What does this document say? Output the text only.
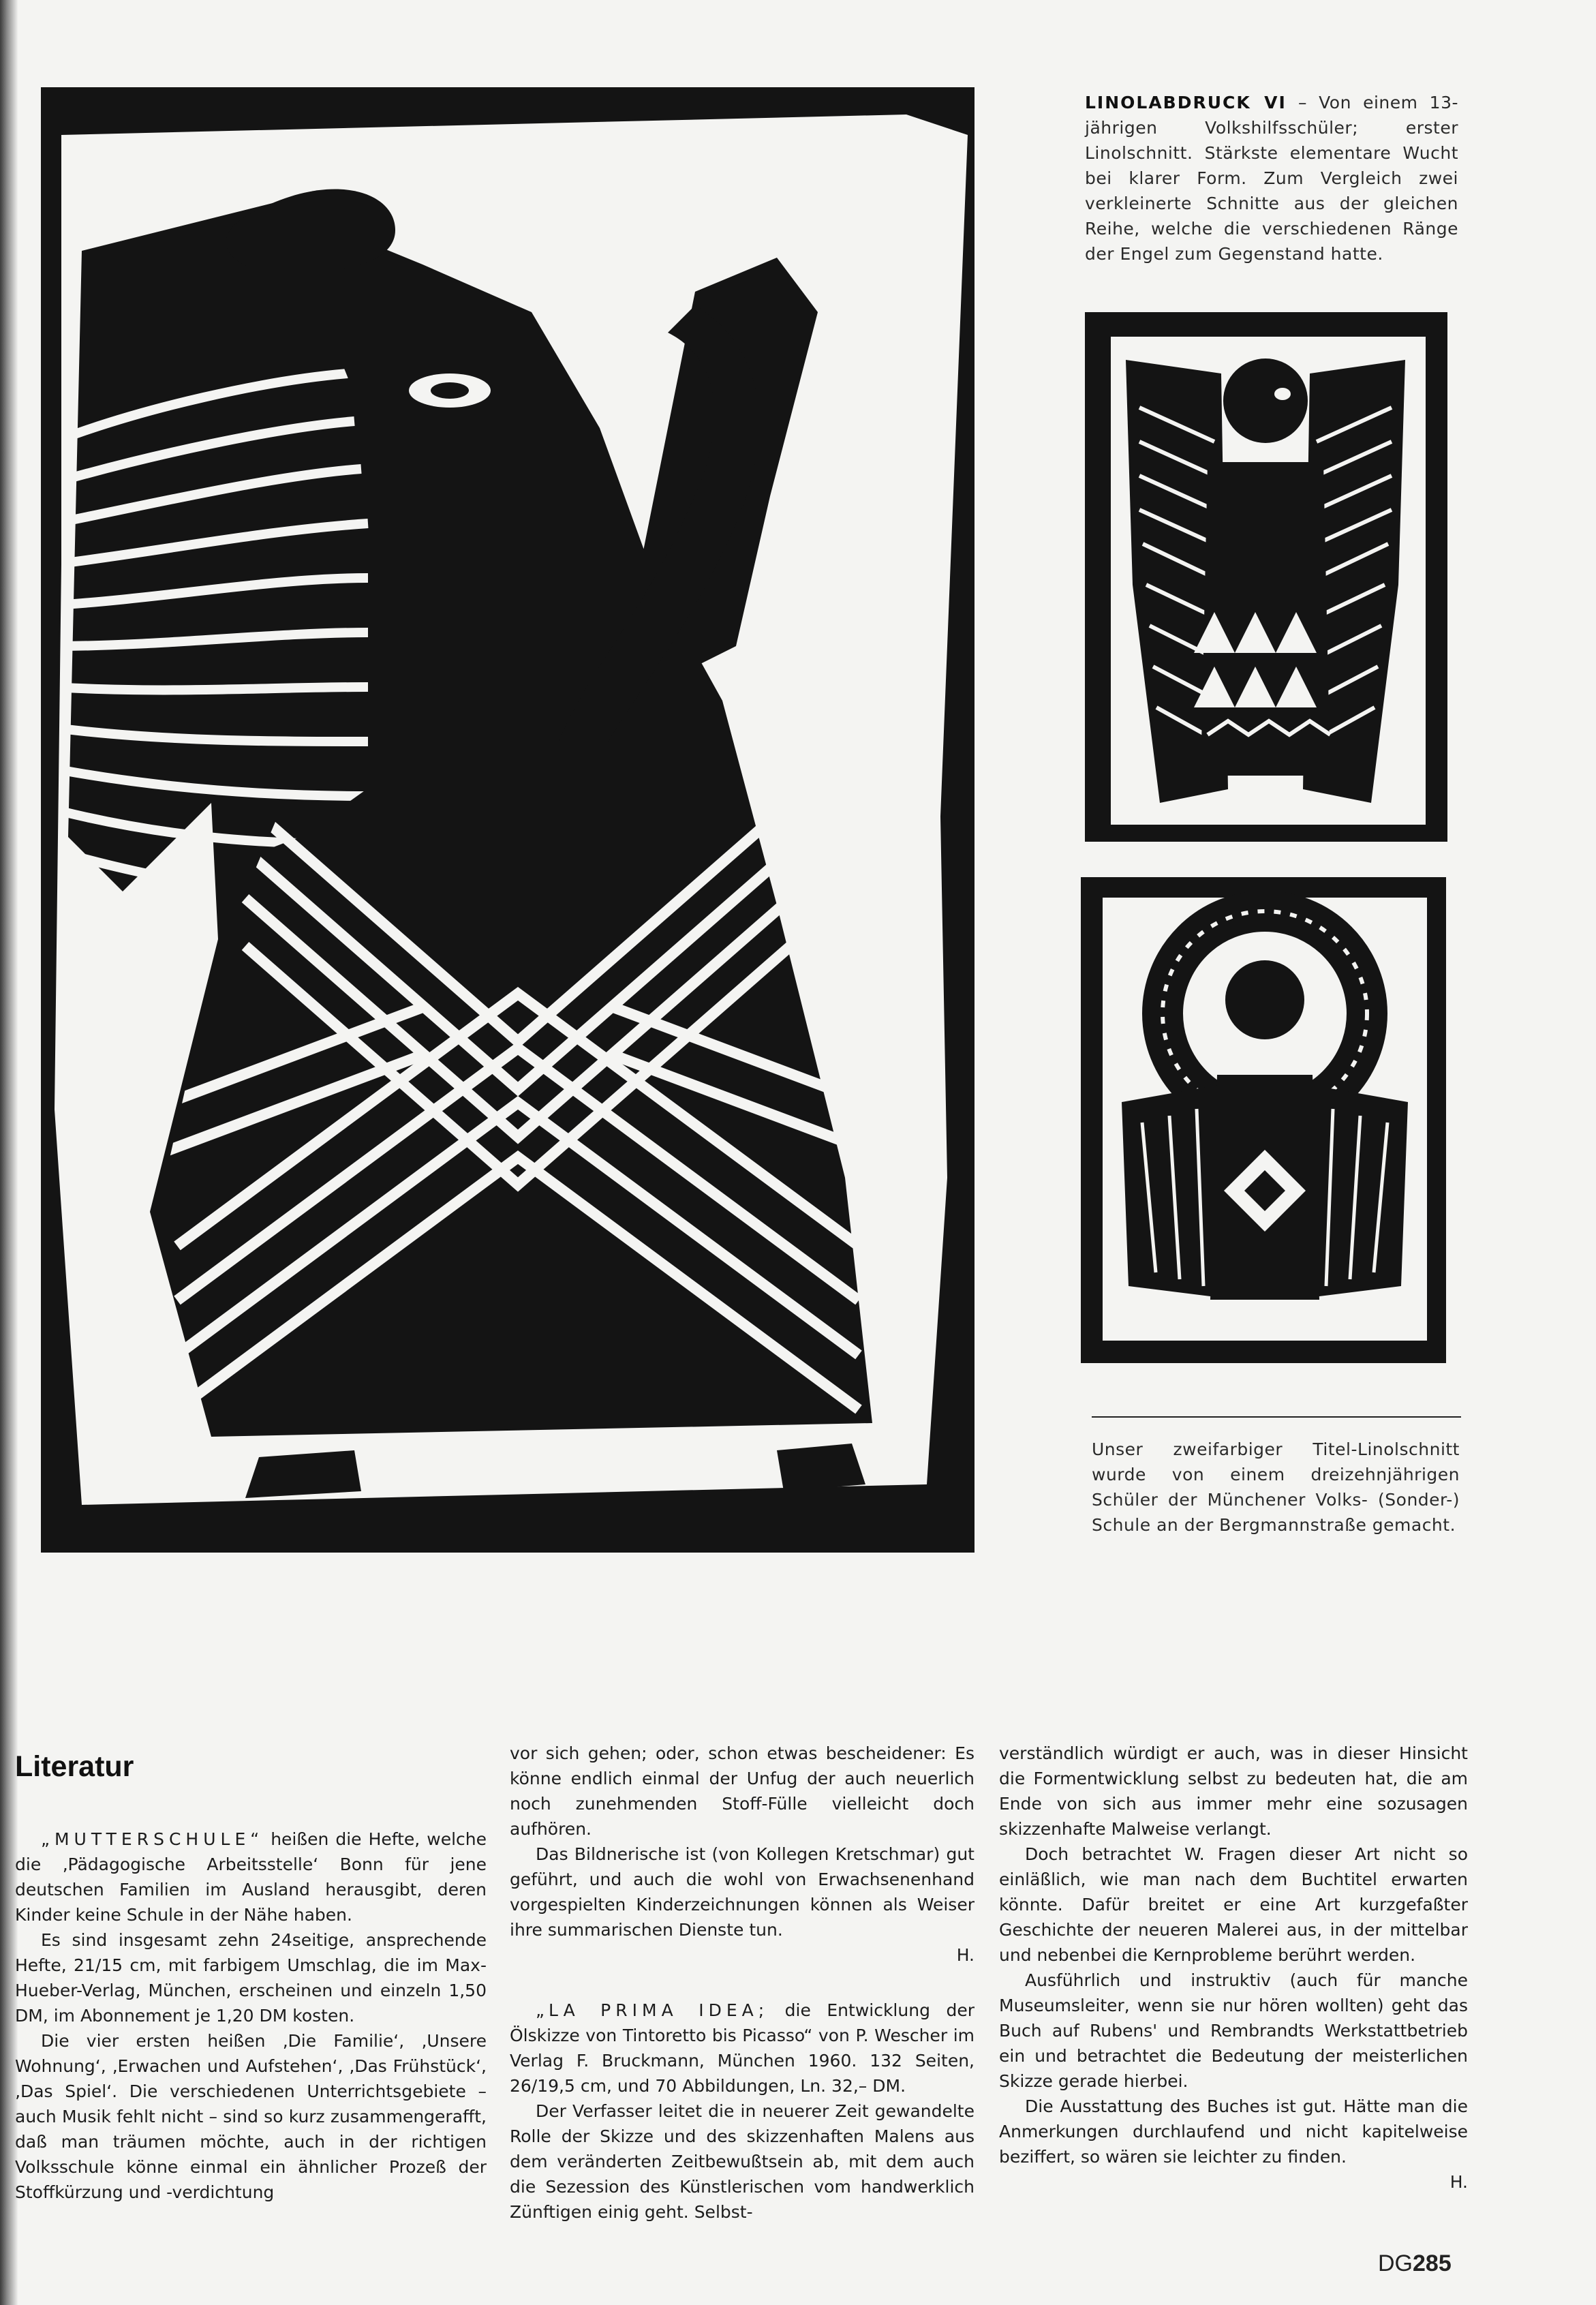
LINOLABDRUCK VI – Von einem 13-jährigen Volkshilfsschüler; erster Linolschnitt. Stärkste elementare Wucht bei klarer Form. Zum Vergleich zwei verkleinerte Schnitte aus der gleichen Reihe, welche die verschiedenen Ränge der Engel zum Gegenstand hatte.
Unser zweifarbiger Titel-Linolschnitt wurde von einem dreizehnjährigen Schüler der Münchener Volks- (Sonder-) Schule an der Bergmannstraße gemacht.
Literatur

„MUTTERSCHULE“ heißen die Hefte, welche die ‚Pädagogische Arbeitsstelle‘ Bonn für jene deutschen Familien im Ausland herausgibt, deren Kinder keine Schule in der Nähe haben.

Es sind insgesamt zehn 24seitige, ansprechende Hefte, 21/15 cm, mit farbigem Umschlag, die im Max-Hueber-Verlag, München, erscheinen und einzeln 1,50 DM, im Abonnement je 1,20 DM kosten.

Die vier ersten heißen ‚Die Familie‘, ‚Unsere Wohnung‘, ‚Erwachen und Aufstehen‘, ‚Das Frühstück‘, ‚Das Spiel‘. Die verschiedenen Unterrichtsgebiete – auch Musik fehlt nicht – sind so kurz zusammengerafft, daß man träumen möchte, auch in der richtigen Volksschule könne einmal ein ähnlicher Prozeß der Stoffkürzung und -verdichtung

vor sich gehen; oder, schon etwas bescheidener: Es könne endlich einmal der Unfug der auch neuerlich noch zunehmenden Stoff-Fülle vielleicht doch aufhören.

Das Bildnerische ist (von Kollegen Kretschmar) gut geführt, und auch die wohl von Erwachsenenhand vorgespielten Kinderzeichnungen können als Weiser ihre summarischen Dienste tun.

H.

„LA PRIMA IDEA; die Entwicklung der Ölskizze von Tintoretto bis Picasso“ von P. Wescher im Verlag F. Bruckmann, München 1960. 132 Seiten, 26/19,5 cm, und 70 Abbildungen, Ln. 32,– DM.

Der Verfasser leitet die in neuerer Zeit gewandelte Rolle der Skizze und des skizzenhaften Malens aus dem veränderten Zeitbewußtsein ab, mit dem auch die Sezession des Künstlerischen vom handwerklich Zünftigen einig geht. Selbst-

verständlich würdigt er auch, was in dieser Hinsicht die Formentwicklung selbst zu bedeuten hat, die am Ende von sich aus immer mehr eine sozusagen skizzenhafte Malweise verlangt.

Doch betrachtet W. Fragen dieser Art nicht so einläßlich, wie man nach dem Buchtitel erwarten könnte. Dafür breitet er eine Art kurzgefaßter Geschichte der neueren Malerei aus, in der mittelbar und nebenbei die Kernprobleme berührt werden.

Ausführlich und instruktiv (auch für manche Museumsleiter, wenn sie nur hören wollten) geht das Buch auf Rubens' und Rembrandts Werkstattbetrieb ein und betrachtet die Bedeutung der meisterlichen Skizze gerade hierbei.

Die Ausstattung des Buches ist gut. Hätte man die Anmerkungen durchlaufend und nicht kapitelweise beziffert, so wären sie leichter zu finden.

H.
DG285
